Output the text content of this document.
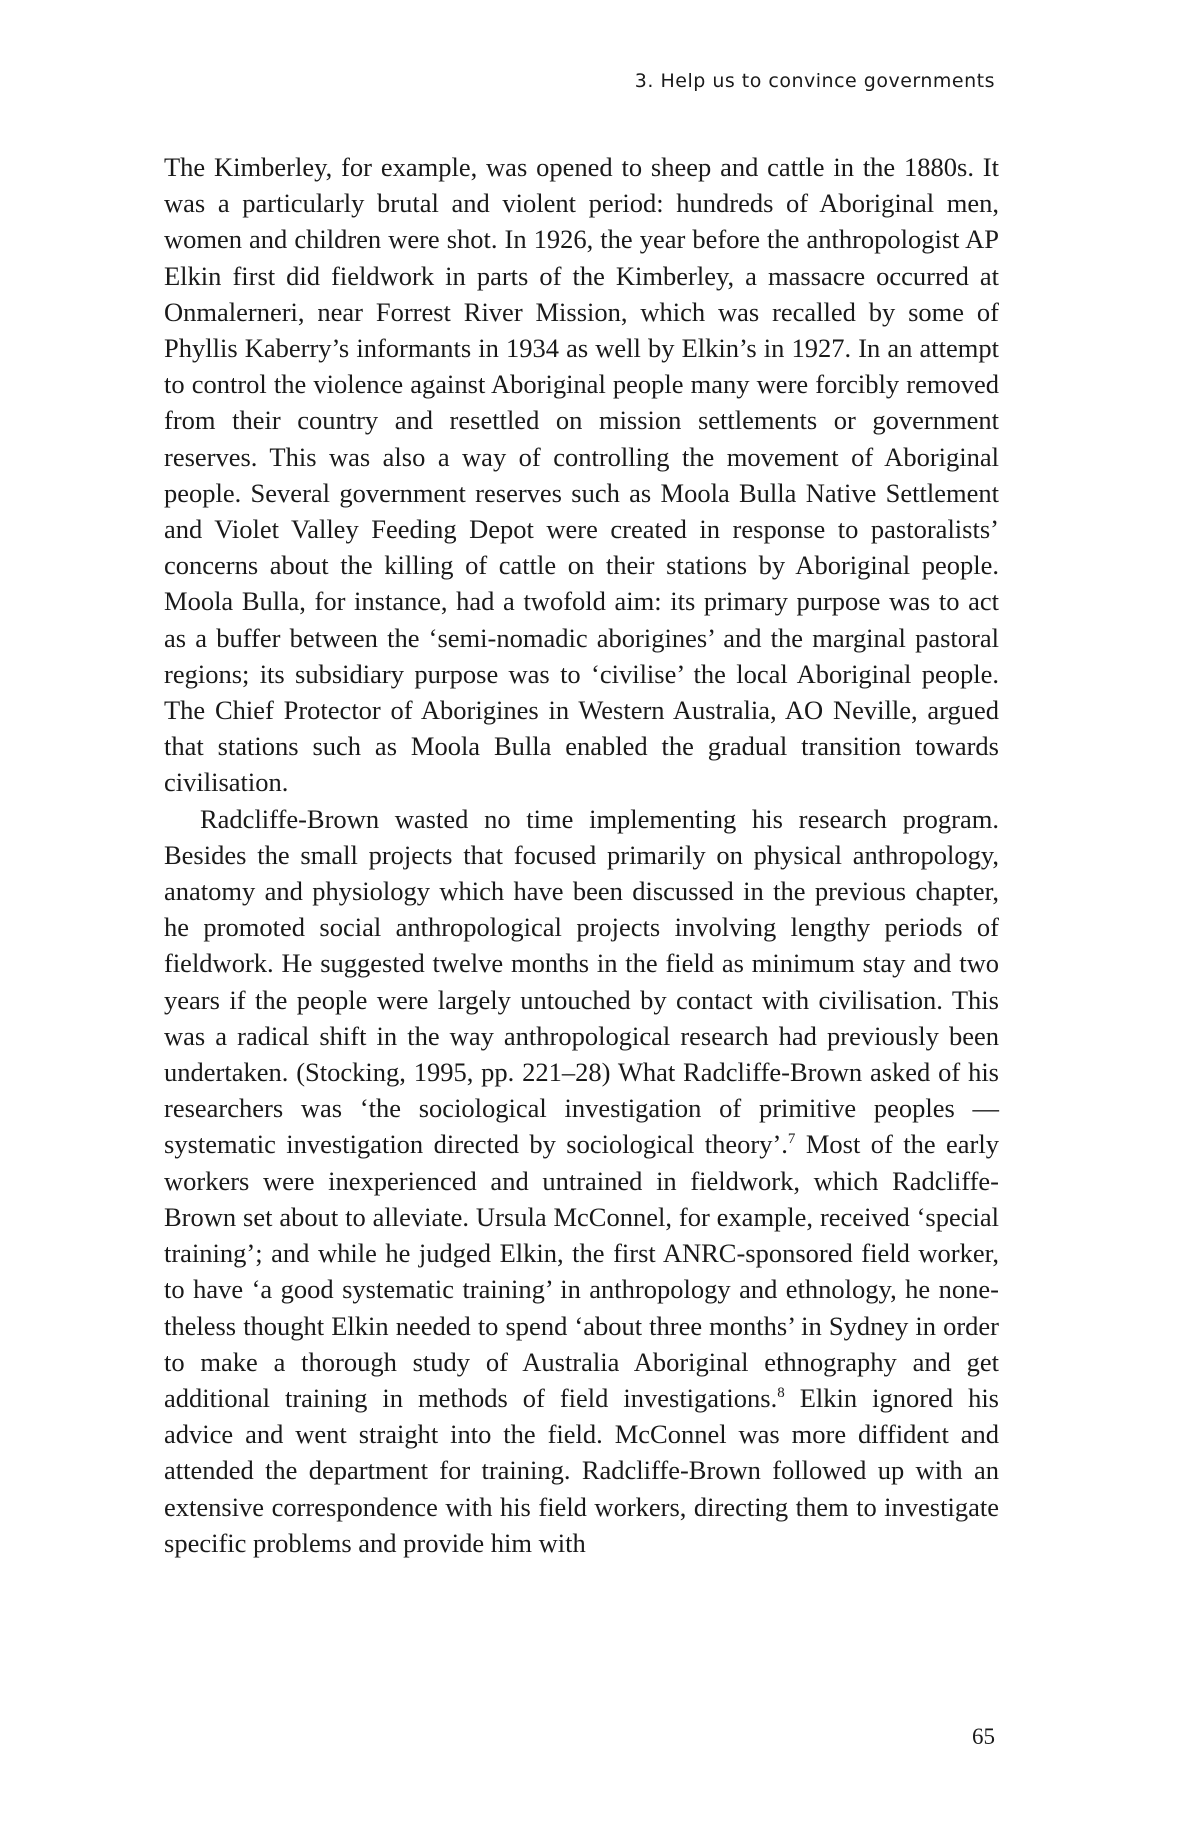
3. Help us to convince governments

The Kimberley, for example, was opened to sheep and cattle in the 1880s. It was a particularly brutal and violent period: hundreds of Aboriginal men, women and children were shot. In 1926, the year before the anthropologist AP Elkin first did fieldwork in parts of the Kimberley, a massacre occurred at Onmalerneri, near Forrest River Mission, which was recalled by some of Phyllis Kaberry’s informants in 1934 as well by Elkin’s in 1927. In an attempt to control the violence against Aboriginal people many were forcibly removed from their country and resettled on mission settlements or government reserves. This was also a way of controlling the movement of Aboriginal people. Several government reserves such as Moola Bulla Native Settlement and Violet Valley Feeding Depot were created in response to pastoralists’ concerns about the killing of cattle on their stations by Aboriginal people. Moola Bulla, for instance, had a twofold aim: its primary purpose was to act as a buffer between the ‘semi-nomadic aborigines’ and the marginal pastoral regions; its subsidiary purpose was to ‘civilise’ the local Aboriginal people. The Chief Protector of Aborigines in Western Australia, AO Neville, argued that stations such as Moola Bulla enabled the gradual transition towards civilisation.

Radcliffe-Brown wasted no time implementing his research program. Besides the small projects that focused primarily on physical anthropology, anatomy and physiology which have been discussed in the previous chapter, he promoted social anthropological projects involving lengthy periods of fieldwork. He suggested twelve months in the field as minimum stay and two years if the people were largely untouched by contact with civilisation. This was a radical shift in the way anthropological research had previously been undertaken. (Stocking, 1995, pp. 221–28) What Radcliffe-Brown asked of his researchers was ‘the sociological investigation of primitive peoples — systematic investigation directed by sociological theory’.$^7$ Most of the early workers were inexperienced and untrained in fieldwork, which Radcliffe-Brown set about to alleviate. Ursula McConnel, for example, received ‘special training’; and while he judged Elkin, the first ANRC-sponsored field worker, to have ‘a good systematic training’ in anthropology and ethnology, he nonetheless thought Elkin needed to spend ‘about three months’ in Sydney in order to make a thorough study of Australia Aboriginal ethnography and get additional training in methods of field investigations.$^8$ Elkin ignored his advice and went straight into the field. McConnel was more diffident and attended the department for training. Radcliffe-Brown followed up with an extensive correspondence with his field workers, directing them to investigate specific problems and provide him with

65
